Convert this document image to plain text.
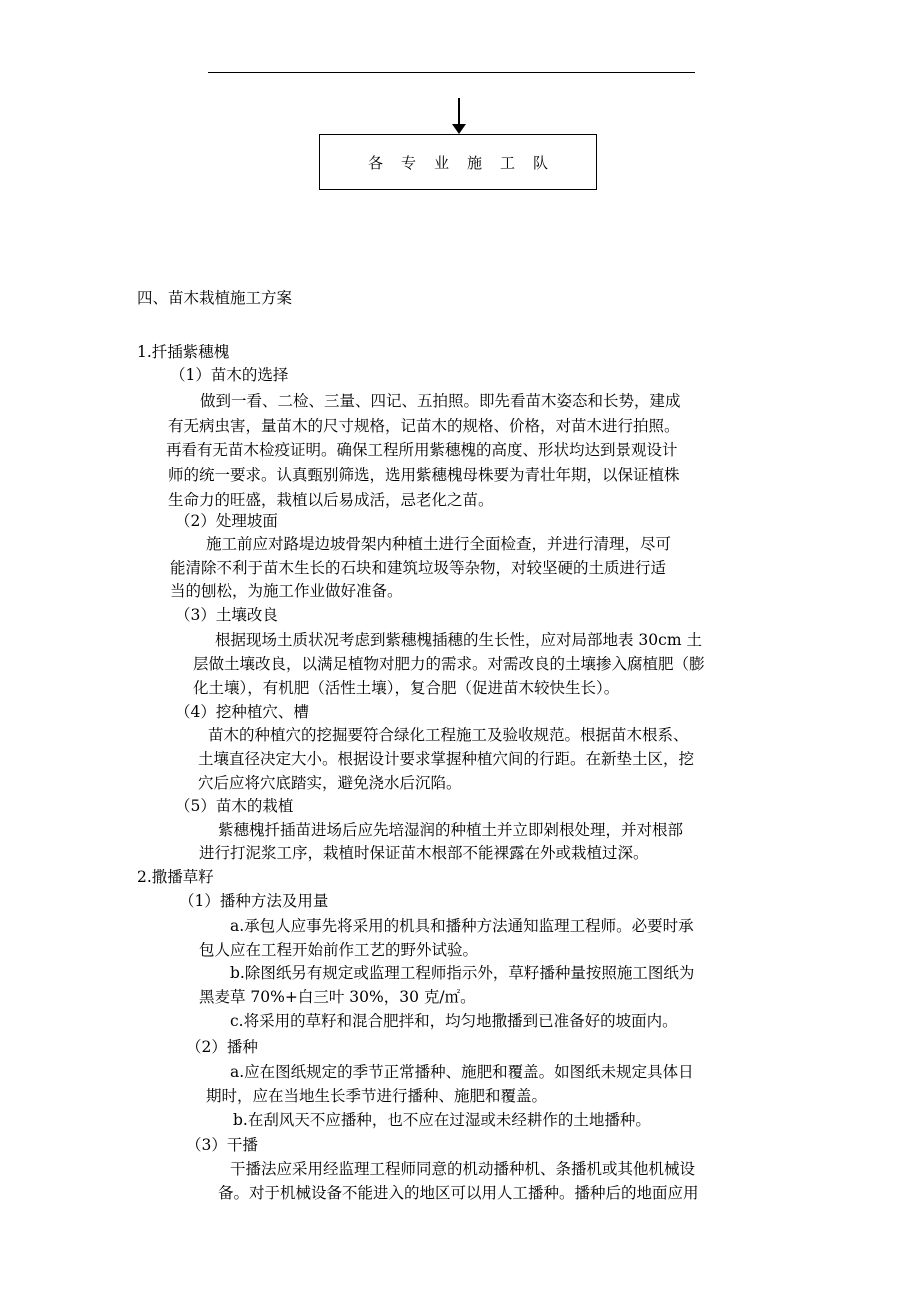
各专业施工队
四、苗木栽植施工方案
1.扦插紫穗槐
（1）苗木的选择
做到一看、二检、三量、四记、五拍照。即先看苗木姿态和长势，建成
有无病虫害，量苗木的尺寸规格，记苗木的规格、价格，对苗木进行拍照。
再看有无苗木检疫证明。确保工程所用紫穗槐的高度、形状均达到景观设计
师的统一要求。认真甄别筛选，选用紫穗槐母株要为青壮年期，以保证植株
生命力的旺盛，栽植以后易成活，忌老化之苗。
（2）处理坡面
施工前应对路堤边坡骨架内种植土进行全面检查，并进行清理，尽可
能清除不利于苗木生长的石块和建筑垃圾等杂物，对较坚硬的土质进行适
当的刨松，为施工作业做好准备。
（3）土壤改良
根据现场土质状况考虑到紫穗槐插穗的生长性，应对局部地表 30cm 土
层做土壤改良，以满足植物对肥力的需求。对需改良的土壤掺入腐植肥（膨
化土壤），有机肥（活性土壤），复合肥（促进苗木较快生长）。
（4）挖种植穴、槽
苗木的种植穴的挖掘要符合绿化工程施工及验收规范。根据苗木根系、
土壤直径决定大小。根据设计要求掌握种植穴间的行距。在新垫土区，挖
穴后应将穴底踏实，避免浇水后沉陷。
（5）苗木的栽植
紫穗槐扦插苗进场后应先培湿润的种植土并立即剁根处理，并对根部
进行打泥浆工序，栽植时保证苗木根部不能裸露在外或栽植过深。
2.撒播草籽
（1）播种方法及用量
a.承包人应事先将采用的机具和播种方法通知监理工程师。必要时承
包人应在工程开始前作工艺的野外试验。
b.除图纸另有规定或监理工程师指示外，草籽播种量按照施工图纸为
黑麦草 70%+白三叶 30%，30 克/㎡。
c.将采用的草籽和混合肥拌和，均匀地撒播到已准备好的坡面内。
（2）播种
a.应在图纸规定的季节正常播种、施肥和覆盖。如图纸未规定具体日
期时，应在当地生长季节进行播种、施肥和覆盖。
b.在刮风天不应播种，也不应在过湿或未经耕作的土地播种。
（3）干播
干播法应采用经监理工程师同意的机动播种机、条播机或其他机械设
备。对于机械设备不能进入的地区可以用人工播种。播种后的地面应用
